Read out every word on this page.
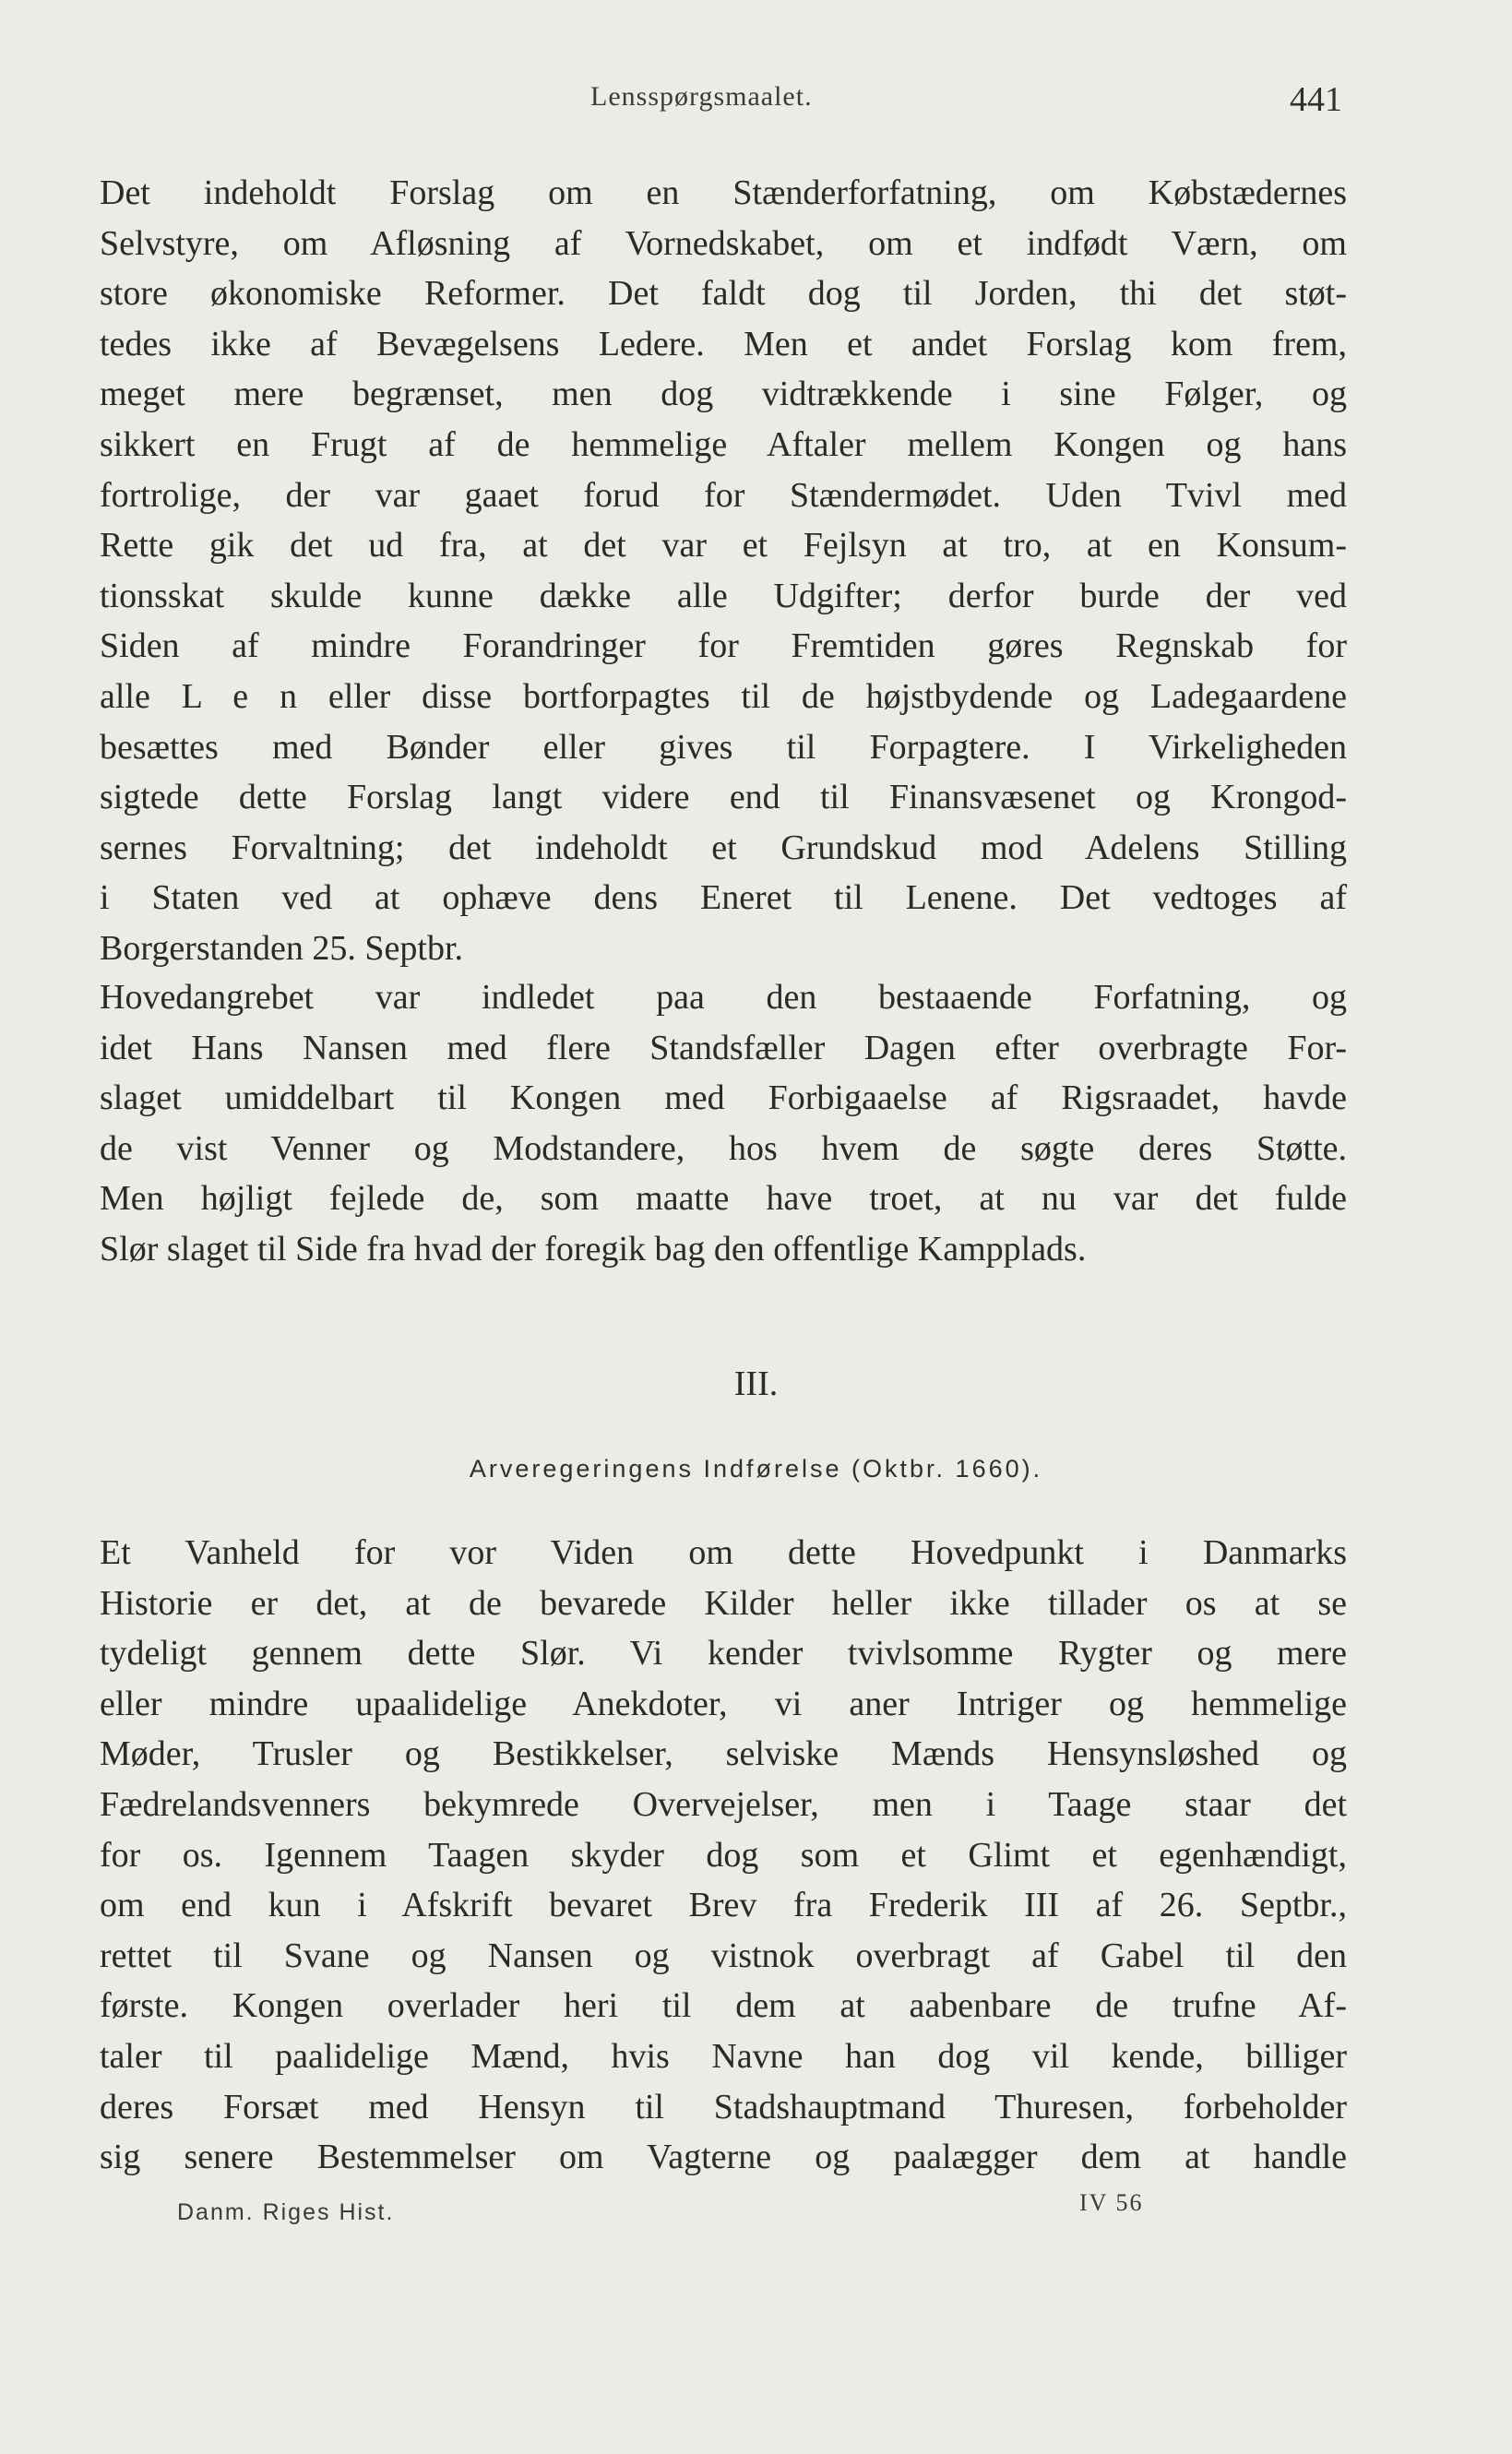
Lensspørgsmaalet.	441
Det indeholdt Forslag om en Stænderforfatning, om Købstædernes
Selvstyre, om Afløsning af Vornedskabet, om et indfødt Værn, om
store økonomiske Reformer. Det faldt dog til Jorden, thi det støt-
tedes ikke af Bevægelsens Ledere. Men et andet Forslag kom frem,
meget mere begrænset, men dog vidtrækkende i sine Følger, og
sikkert en Frugt af de hemmelige Aftaler mellem Kongen og hans
fortrolige, der var gaaet forud for Stændermødet. Uden Tvivl med
Rette gik det ud fra, at det var et Fejlsyn at tro, at en Konsum-
tionsskat skulde kunne dække alle Udgifter; derfor burde der ved
Siden af mindre Forandringer for Fremtiden gøres Regnskab for
alle L e n eller disse bortforpagtes til de højstbydende og Ladegaardene
besættes med Bønder eller gives til Forpagtere. I Virkeligheden
sigtede dette Forslag langt videre end til Finansvæsenet og Krongod-
sernes Forvaltning; det indeholdt et Grundskud mod Adelens Stilling
i Staten ved at ophæve dens Eneret til Lenene. Det vedtoges af
Borgerstanden 25. Septbr.
Hovedangrebet var indledet paa den bestaaende Forfatning, og
idet Hans Nansen med flere Standsfæller Dagen efter overbragte For-
slaget umiddelbart til Kongen med Forbigaaelse af Rigsraadet, havde
de vist Venner og Modstandere, hos hvem de søgte deres Støtte.
Men højligt fejlede de, som maatte have troet, at nu var det fulde
Slør slaget til Side fra hvad der foregik bag den offentlige Kampplads.
III.
Arveregeringens Indførelse (Oktbr. 1660).
Et Vanheld for vor Viden om dette Hovedpunkt i Danmarks
Historie er det, at de bevarede Kilder heller ikke tillader os at se
tydeligt gennem dette Slør. Vi kender tvivlsomme Rygter og mere
eller mindre upaalidelige Anekdoter, vi aner Intriger og hemmelige
Møder, Trusler og Bestikkelser, selviske Mænds Hensynsløshed og
Fædrelandsvenners bekymrede Overvejelser, men i Taage staar det
for os. Igennem Taagen skyder dog som et Glimt et egenhændigt,
om end kun i Afskrift bevaret Brev fra Frederik III af 26. Septbr.,
rettet til Svane og Nansen og vistnok overbragt af Gabel til den
første. Kongen overlader heri til dem at aabenbare de trufne Af-
taler til paalidelige Mænd, hvis Navne han dog vil kende, billiger
deres Forsæt med Hensyn til Stadshauptmand Thuresen, forbeholder
sig senere Bestemmelser om Vagterne og paalægger dem at handle
Danm. Riges Hist.	IV 56
